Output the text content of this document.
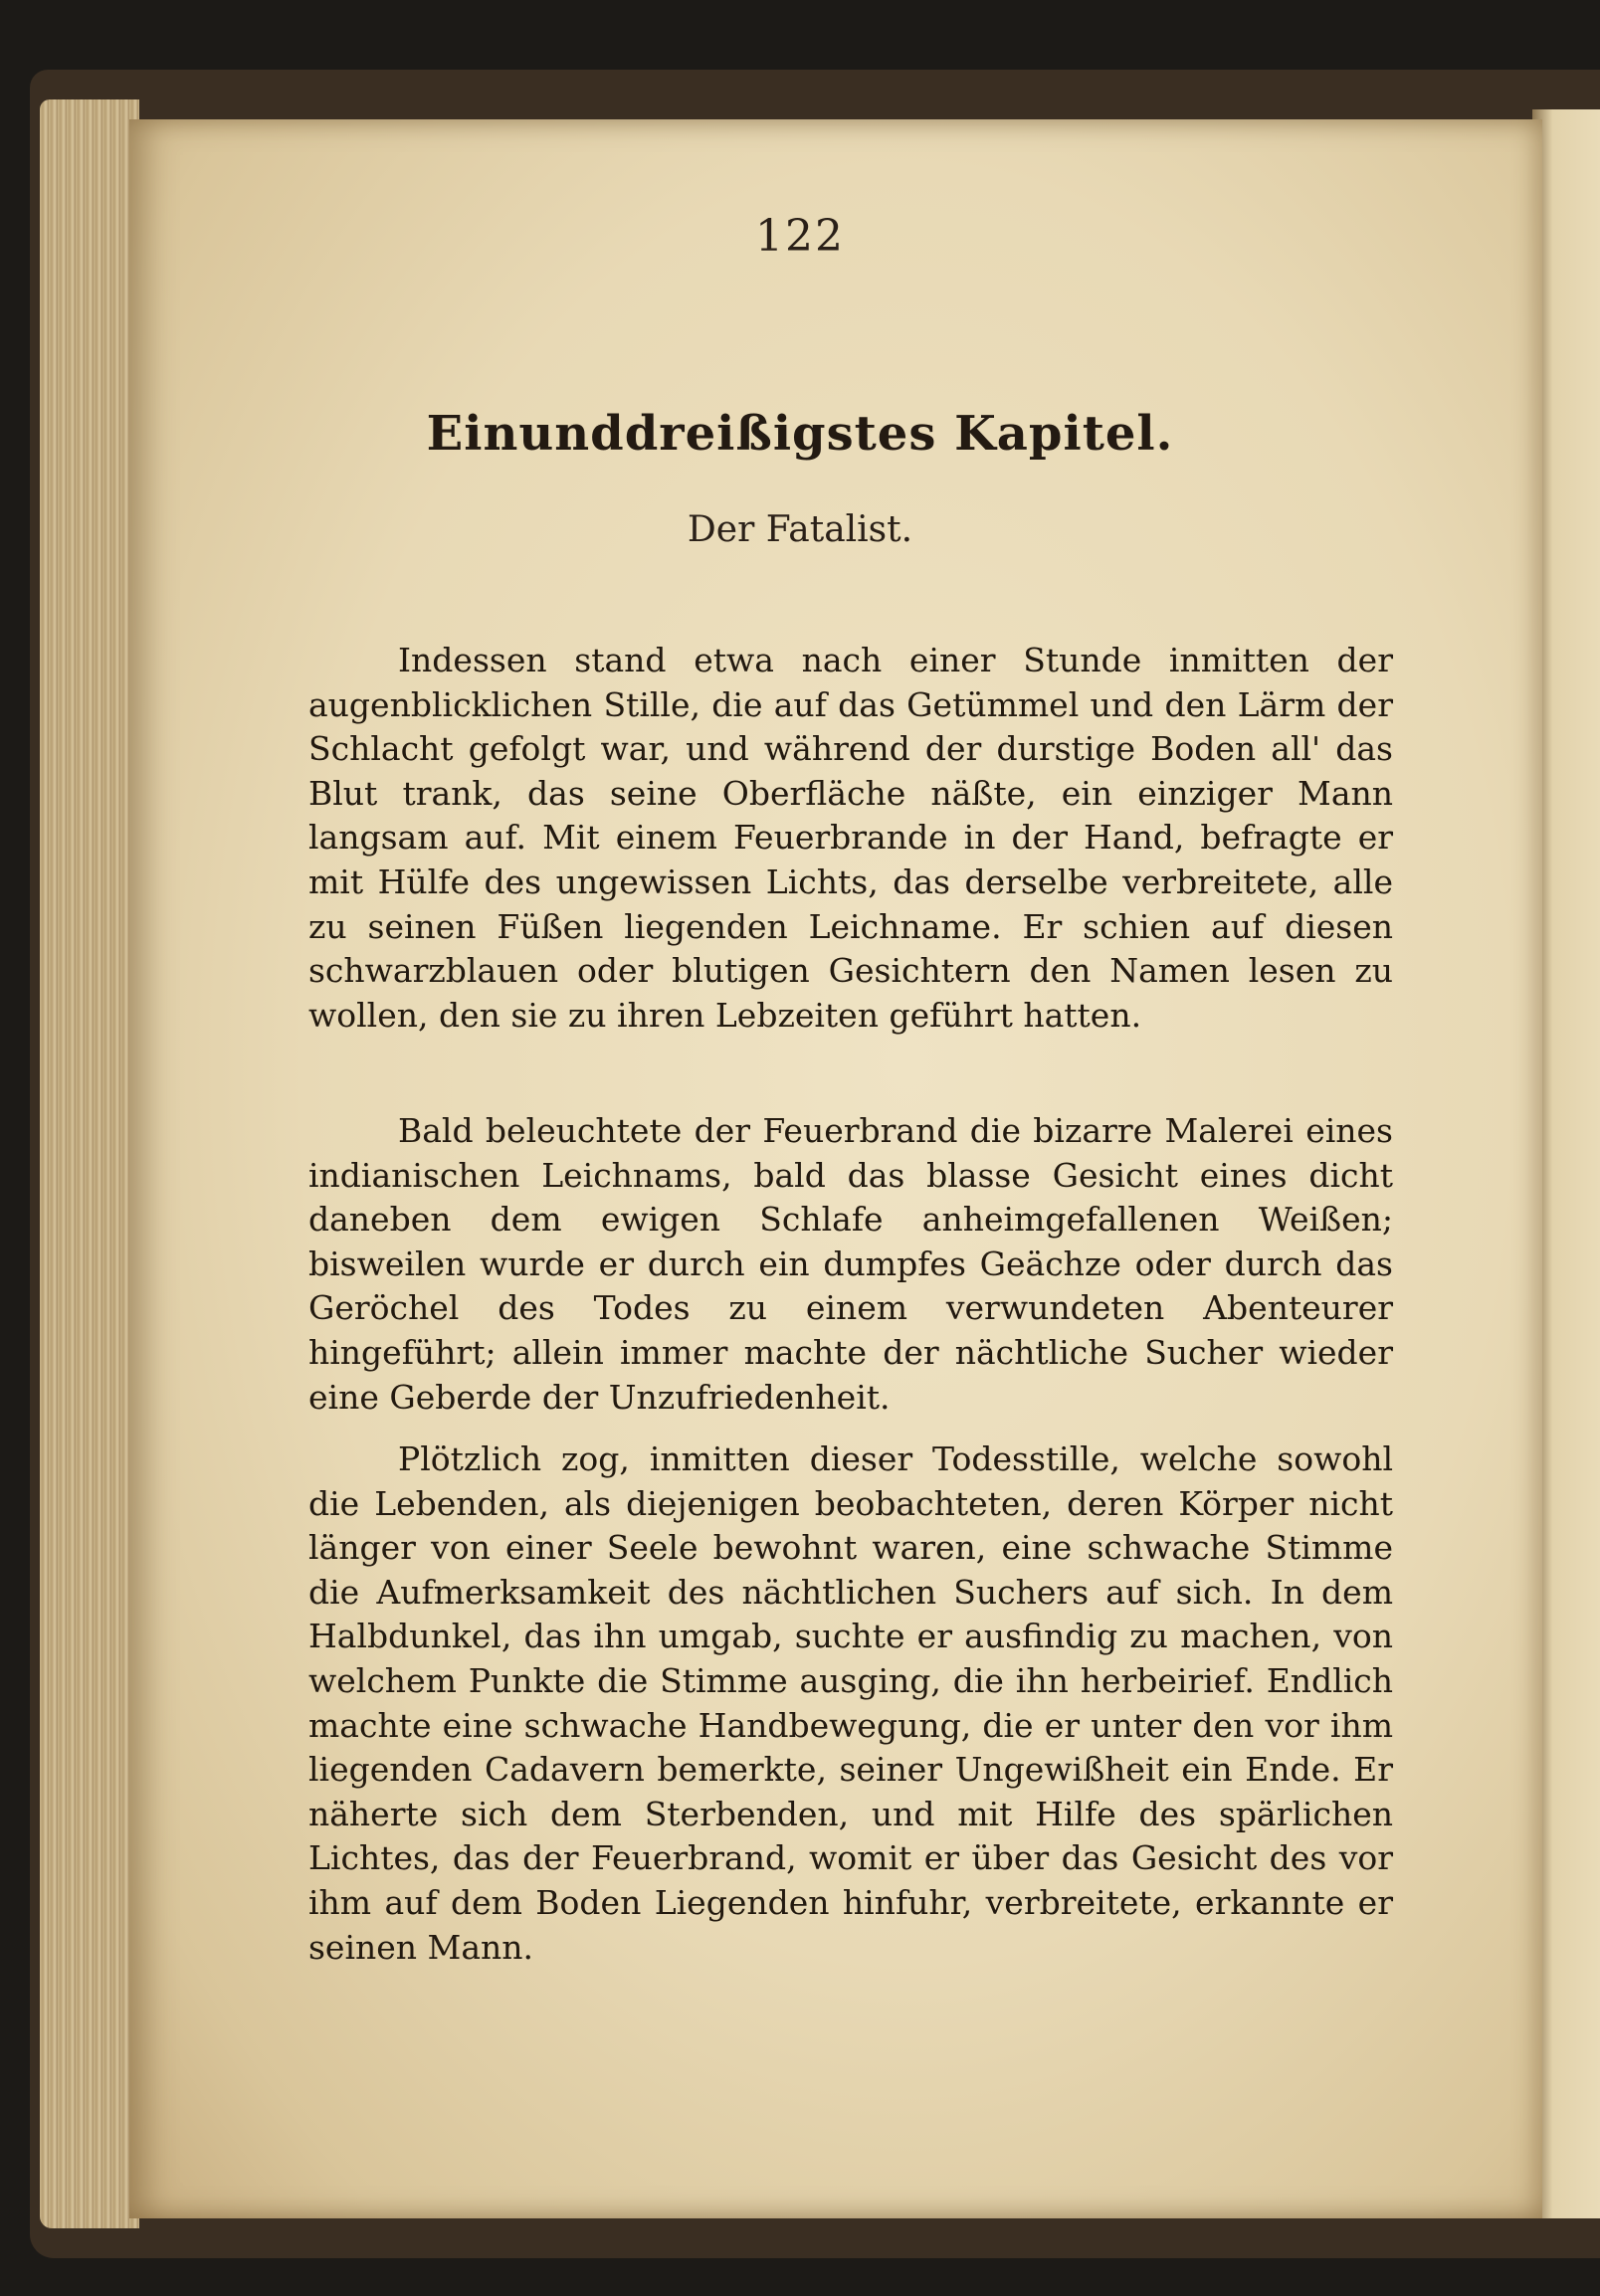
122
Einunddreißigstes Kapitel.
Der Fatalist.

Indessen stand etwa nach einer Stunde inmitten der augenblicklichen Stille, die auf das Getümmel und den Lärm der Schlacht gefolgt war, und während der durstige Boden all' das Blut trank, das seine Oberfläche näßte, ein einziger Mann langsam auf. Mit einem Feuerbrande in der Hand, befragte er mit Hülfe des ungewissen Lichts, das derselbe verbreitete, alle zu seinen Füßen liegenden Leichname. Er schien auf diesen schwarzblauen oder blutigen Gesichtern den Namen lesen zu wollen, den sie zu ihren Lebzeiten geführt hatten.

Bald beleuchtete der Feuerbrand die bizarre Malerei eines indianischen Leichnams, bald das blasse Gesicht eines dicht daneben dem ewigen Schlafe anheimgefallenen Weißen; bisweilen wurde er durch ein dumpfes Geächze oder durch das Geröchel des Todes zu einem verwundeten Abenteurer hingeführt; allein immer machte der nächtliche Sucher wieder eine Geberde der Unzufriedenheit.

Plötzlich zog, inmitten dieser Todesstille, welche sowohl die Lebenden, als diejenigen beobachteten, deren Körper nicht länger von einer Seele bewohnt waren, eine schwache Stimme die Aufmerksamkeit des nächtlichen Suchers auf sich. In dem Halbdunkel, das ihn umgab, suchte er ausfindig zu machen, von welchem Punkte die Stimme ausging, die ihn herbeirief. Endlich machte eine schwache Handbewegung, die er unter den vor ihm liegenden Cadavern bemerkte, seiner Ungewißheit ein Ende. Er näherte sich dem Sterbenden, und mit Hilfe des spärlichen Lichtes, das der Feuerbrand, womit er über das Gesicht des vor ihm auf dem Boden Liegenden hinfuhr, verbreitete, erkannte er seinen Mann.
